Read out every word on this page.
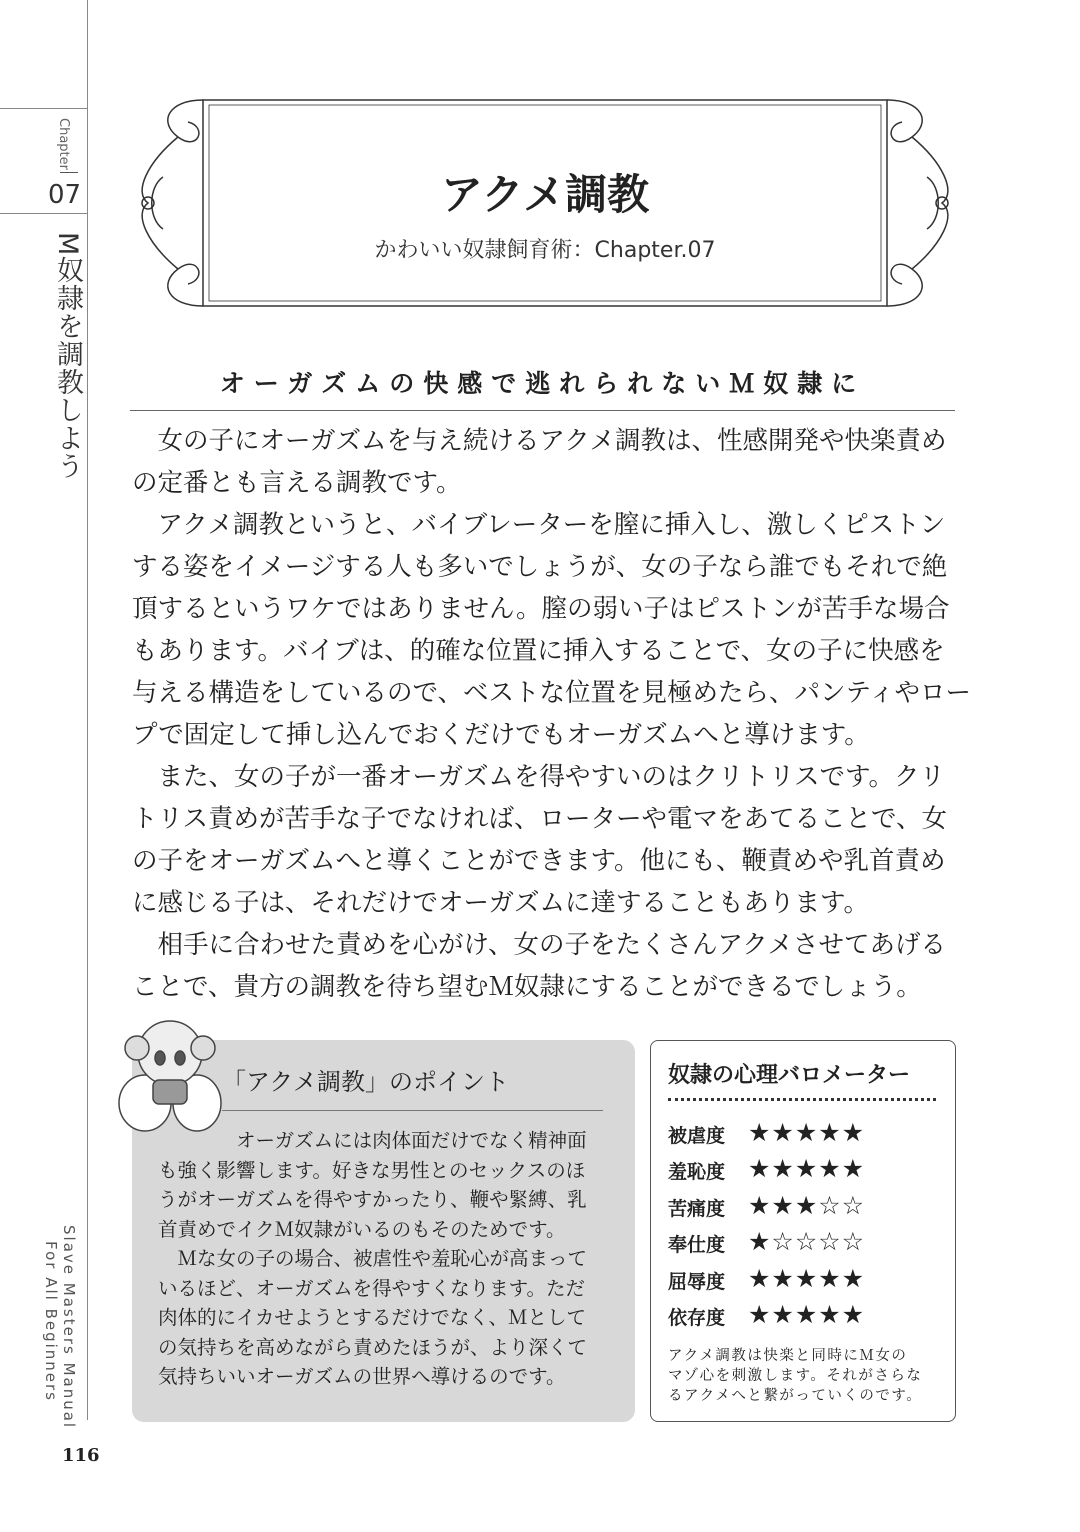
Chapter
07
M奴隷を調教しよう
Slave Masters Manual
For All Beginners
116
アクメ調教
かわいい奴隷飼育術：Chapter.07
オーガズムの快感で逃れられないＭ奴隷に
　女の子にオーガズムを与え続けるアクメ調教は、性感開発や快楽責め
の定番とも言える調教です。
　アクメ調教というと、バイブレーターを膣に挿入し、激しくピストン
する姿をイメージする人も多いでしょうが、女の子なら誰でもそれで絶
頂するというワケではありません。膣の弱い子はピストンが苦手な場合
もあります。バイブは、的確な位置に挿入することで、女の子に快感を
与える構造をしているので、ベストな位置を見極めたら、パンティやロー
プで固定して挿し込んでおくだけでもオーガズムへと導けます。
　また、女の子が一番オーガズムを得やすいのはクリトリスです。クリ
トリス責めが苦手な子でなければ、ローターや電マをあてることで、女
の子をオーガズムへと導くことができます。他にも、鞭責めや乳首責め
に感じる子は、それだけでオーガズムに達することもあります。
　相手に合わせた責めを心がけ、女の子をたくさんアクメさせてあげる
ことで、貴方の調教を待ち望むＭ奴隷にすることができるでしょう。
「アクメ調教」のポイント
　　　　オーガズムには肉体面だけでなく精神面
も強く影響します。好きな男性とのセックスのほ
うがオーガズムを得やすかったり、鞭や緊縛、乳
首責めでイクＭ奴隷がいるのもそのためです。
　Ｍな女の子の場合、被虐性や羞恥心が高まって
いるほど、オーガズムを得やすくなります。ただ
肉体的にイカせようとするだけでなく、Ｍとして
の気持ちを高めながら責めたほうが、より深くて
気持ちいいオーガズムの世界へ導けるのです。
奴隷の心理バロメーター
被虐度 ★★★★★
羞恥度 ★★★★★
苦痛度 ★★★☆☆
奉仕度 ★☆☆☆☆
屈辱度 ★★★★★
依存度 ★★★★★
アクメ調教は快楽と同時にＭ女の
マゾ心を刺激します。それがさらな
るアクメへと繋がっていくのです。
